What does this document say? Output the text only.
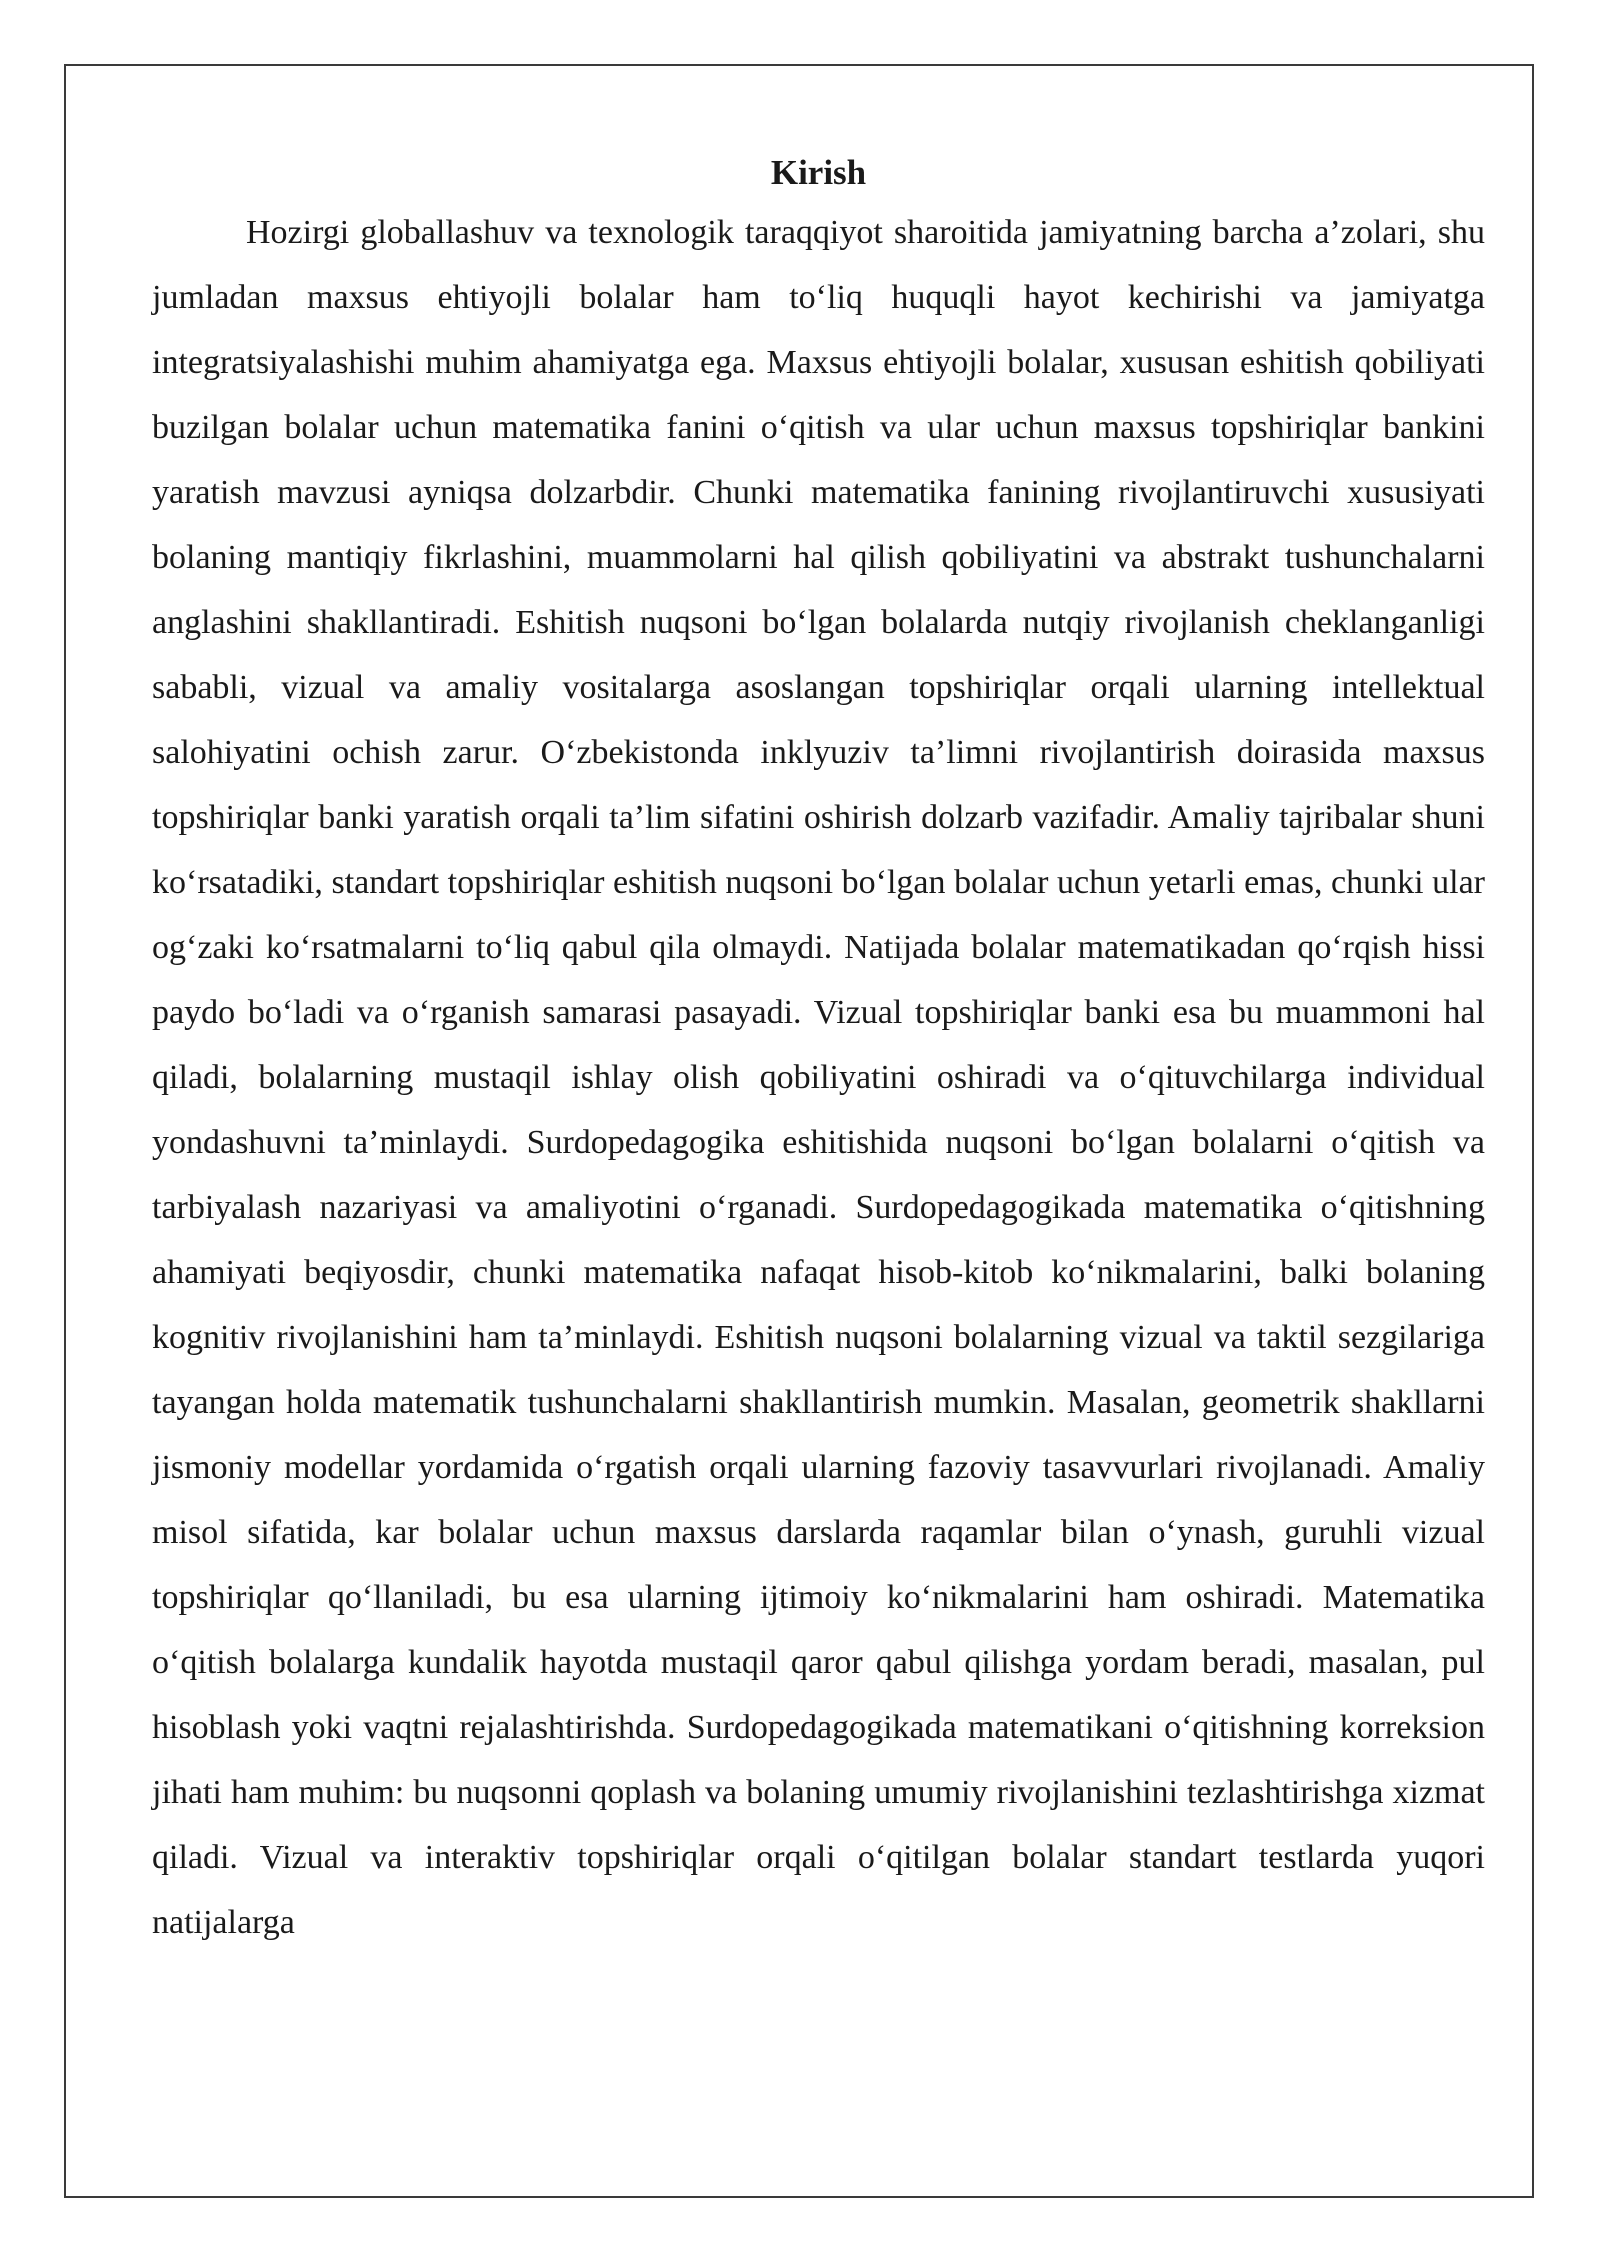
Kirish

Hozirgi globallashuv va texnologik taraqqiyot sharoitida jamiyatning barcha a’zolari, shu jumladan maxsus ehtiyojli bolalar ham to‘liq huquqli hayot kechirishi va jamiyatga integratsiyalashishi muhim ahamiyatga ega. Maxsus ehtiyojli bolalar, xususan eshitish qobiliyati buzilgan bolalar uchun matematika fanini o‘qitish va ular uchun maxsus topshiriqlar bankini yaratish mavzusi ayniqsa dolzarbdir. Chunki matematika fanining rivojlantiruvchi xususiyati bolaning mantiqiy fikrlashini, muammolarni hal qilish qobiliyatini va abstrakt tushunchalarni anglashini shakllantiradi. Eshitish nuqsoni bo‘lgan bolalarda nutqiy rivojlanish cheklanganligi sababli, vizual va amaliy vositalarga asoslangan topshiriqlar orqali ularning intellektual salohiyatini ochish zarur. O‘zbekistonda inklyuziv ta’limni rivojlantirish doirasida maxsus topshiriqlar banki yaratish orqali ta’lim sifatini oshirish dolzarb vazifadir. Amaliy tajribalar shuni ko‘rsatadiki, standart topshiriqlar eshitish nuqsoni bo‘lgan bolalar uchun yetarli emas, chunki ular og‘zaki ko‘rsatmalarni to‘liq qabul qila olmaydi. Natijada bolalar matematikadan qo‘rqish hissi paydo bo‘ladi va o‘rganish samarasi pasayadi. Vizual topshiriqlar banki esa bu muammoni hal qiladi, bolalarning mustaqil ishlay olish qobiliyatini oshiradi va o‘qituvchilarga individual yondashuvni ta’minlaydi. Surdopedagogika eshitishida nuqsoni bo‘lgan bolalarni o‘qitish va tarbiyalash nazariyasi va amaliyotini o‘rganadi. Surdopedagogikada matematika o‘qitishning ahamiyati beqiyosdir, chunki matematika nafaqat hisob-kitob ko‘nikmalarini, balki bolaning kognitiv rivojlanishini ham ta’minlaydi. Eshitish nuqsoni bolalarning vizual va taktil sezgilariga tayangan holda matematik tushunchalarni shakllantirish mumkin. Masalan, geometrik shakllarni jismoniy modellar yordamida o‘rgatish orqali ularning fazoviy tasavvurlari rivojlanadi. Amaliy misol sifatida, kar bolalar uchun maxsus darslarda raqamlar bilan o‘ynash, guruhli vizual topshiriqlar qo‘llaniladi, bu esa ularning ijtimoiy ko‘nikmalarini ham oshiradi. Matematika o‘qitish bolalarga kundalik hayotda mustaqil qaror qabul qilishga yordam beradi, masalan, pul hisoblash yoki vaqtni rejalashtirishda. Surdopedagogikada matematikani o‘qitishning korreksion jihati ham muhim: bu nuqsonni qoplash va bolaning umumiy rivojlanishini tezlashtirishga xizmat qiladi. Vizual va interaktiv topshiriqlar orqali o‘qitilgan bolalar standart testlarda yuqori natijalarga
